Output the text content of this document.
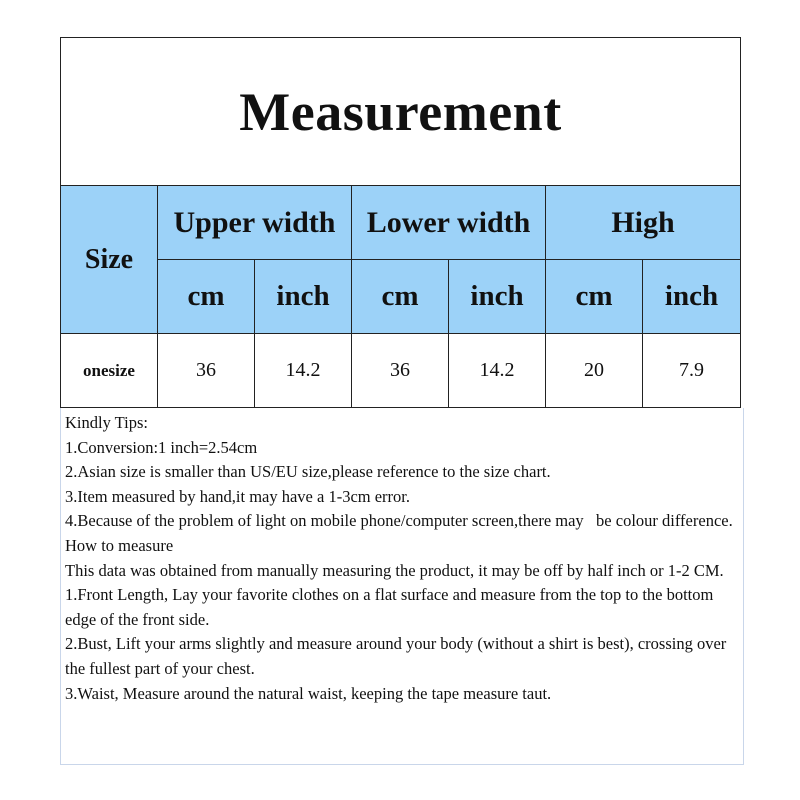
Measurement						
Size	Upper width		Lower width		High	
	cm	inch	cm	inch	cm	inch
onesize	36	14.2	36	14.2	20	7.9

Kindly Tips:

1.Conversion:1 inch=2.54cm

2.Asian size is smaller than US/EU size,please reference to the size chart.

3.Item measured by hand,it may have a 1-3cm error.

4.Because of the problem of light on mobile phone/computer screen,there may   be colour difference.

How to measure

This data was obtained from manually measuring the product, it may be off by half inch or 1-2 CM.

1.Front Length, Lay your favorite clothes on a flat surface and measure from the top to the bottom edge of the front side.

2.Bust, Lift your arms slightly and measure around your body (without a shirt is best), crossing over the fullest part of your chest.

3.Waist, Measure around the natural waist, keeping the tape measure taut.
